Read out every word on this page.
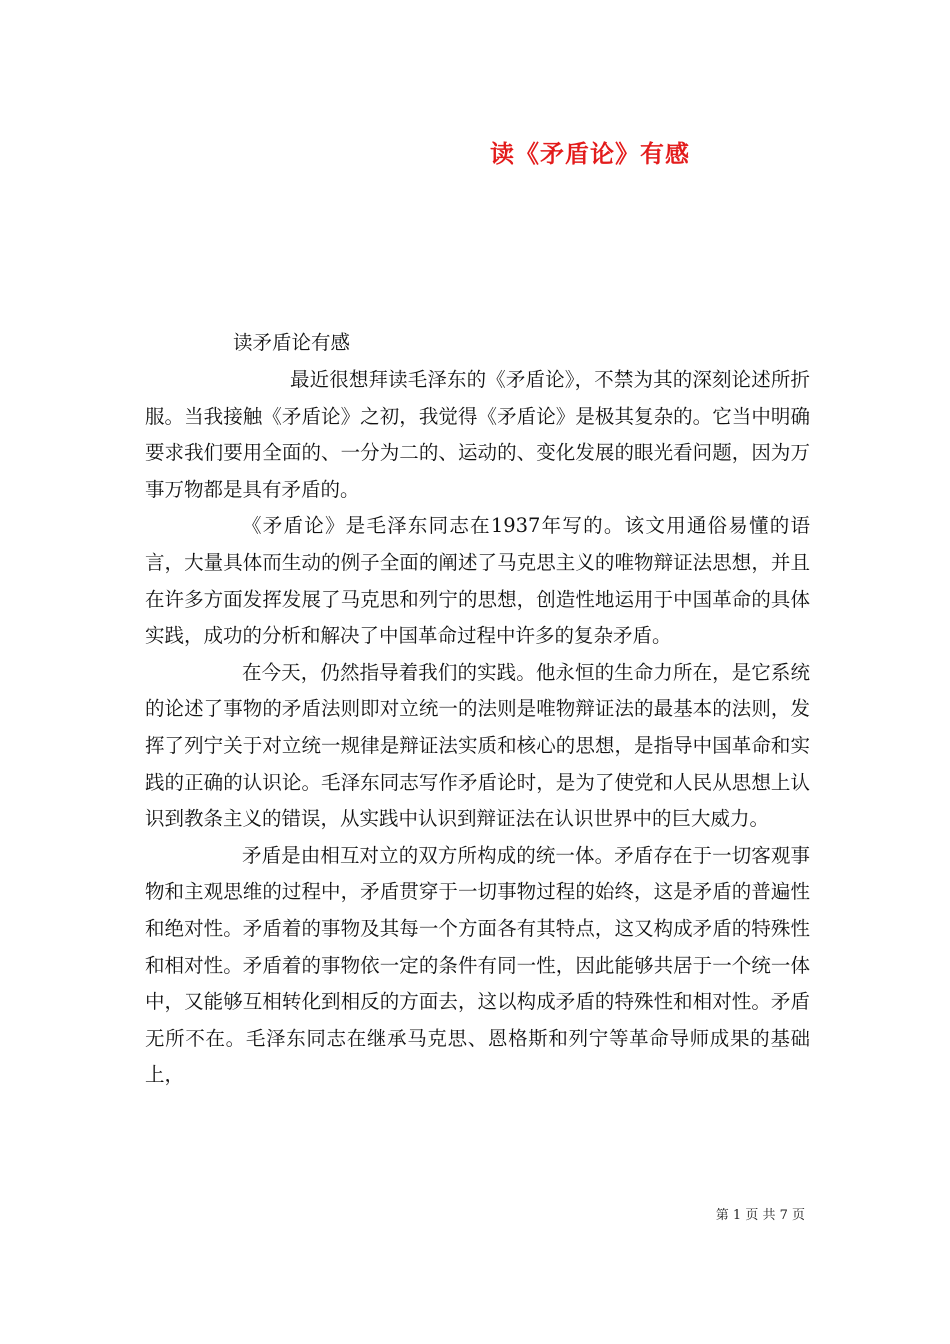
读《矛盾论》有感

读矛盾论有感

最近很想拜读毛泽东的《矛盾论》，不禁为其的深刻论述所折服。当我接触《矛盾论》之初，我觉得《矛盾论》是极其复杂的。它当中明确要求我们要用全面的、一分为二的、运动的、变化发展的眼光看问题，因为万事万物都是具有矛盾的。

《矛盾论》是毛泽东同志在1937年写的。该文用通俗易懂的语言，大量具体而生动的例子全面的阐述了马克思主义的唯物辩证法思想，并且在许多方面发挥发展了马克思和列宁的思想，创造性地运用于中国革命的具体实践，成功的分析和解决了中国革命过程中许多的复杂矛盾。

在今天，仍然指导着我们的实践。他永恒的生命力所在，是它系统的论述了事物的矛盾法则即对立统一的法则是唯物辩证法的最基本的法则，发挥了列宁关于对立统一规律是辩证法实质和核心的思想，是指导中国革命和实践的正确的认识论。毛泽东同志写作矛盾论时，是为了使党和人民从思想上认识到教条主义的错误，从实践中认识到辩证法在认识世界中的巨大威力。

矛盾是由相互对立的双方所构成的统一体。矛盾存在于一切客观事物和主观思维的过程中，矛盾贯穿于一切事物过程的始终，这是矛盾的普遍性和绝对性。矛盾着的事物及其每一个方面各有其特点，这又构成矛盾的特殊性和相对性。矛盾着的事物依一定的条件有同一性，因此能够共居于一个统一体中，又能够互相转化到相反的方面去，这以构成矛盾的特殊性和相对性。矛盾无所不在。毛泽东同志在继承马克思、恩格斯和列宁等革命导师成果的基础上，

第 1 页 共 7 页
